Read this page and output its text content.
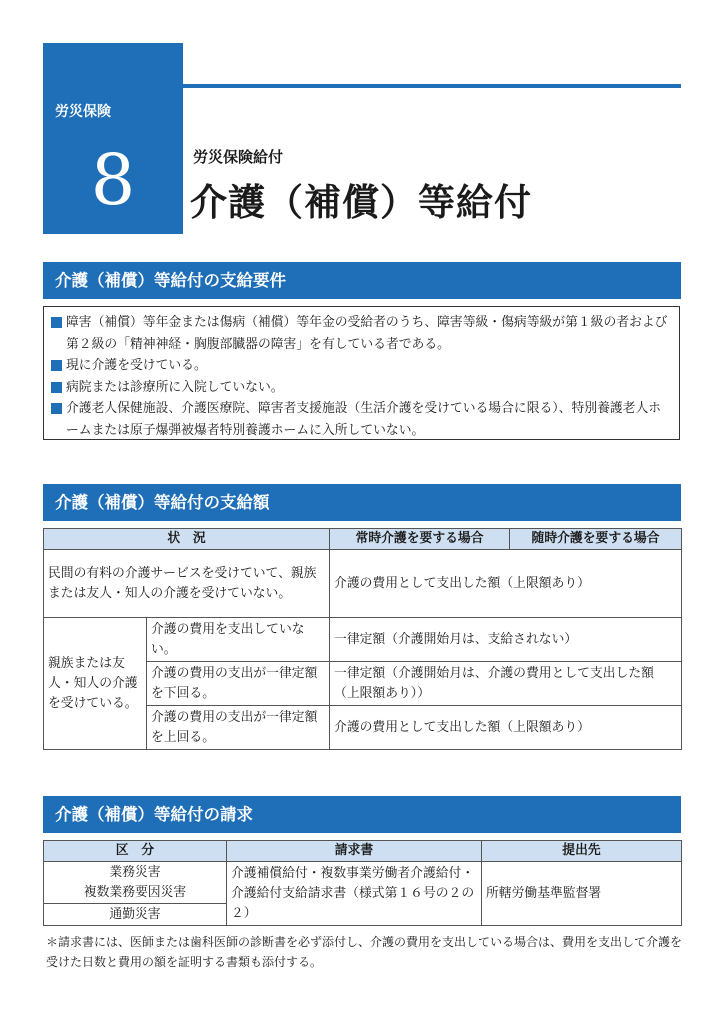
労災保険
8	労災保険給付
介護（補償）等給付
介護（補償）等給付の支給要件
障害（補償）等年金または傷病（補償）等年金の受給者のうち、障害等級・傷病等級が第１級の者および第２級の「精神神経・胸腹部臓器の障害」を有している者である。
現に介護を受けている。
病院または診療所に入院していない。
介護老人保健施設、介護医療院、障害者支援施設（生活介護を受けている場合に限る）、特別養護老人ホームまたは原子爆弾被爆者特別養護ホームに入所していない。
介護（補償）等給付の支給額
状　況		常時介護を要する場合	随時介護を要する場合
民間の有料の介護サービスを受けていて、親族または友人・知人の介護を受けていない。		介護の費用として支出した額（上限額あり）	
親族または友人・知人の介護を受けている。	介護の費用を支出していない。	一律定額（介護開始月は、支給されない）	
	介護の費用の支出が一律定額を下回る。	一律定額（介護開始月は、介護の費用として支出した額（上限額あり））	
	介護の費用の支出が一律定額を上回る。	介護の費用として支出した額（上限額あり）	
介護（補償）等給付の請求
区　分	請求書	提出先

業務災害
複数業務要因災害	介護補償給付・複数事業労働者介護給付・介護給付支給請求書（様式第１６号の２の２）	所轄労働基準監督署
通勤災害		
＊請求書には、医師または歯科医師の診断書を必ず添付し、介護の費用を支出している場合は、費用を支出して介護を受けた日数と費用の額を証明する書類も添付する。
